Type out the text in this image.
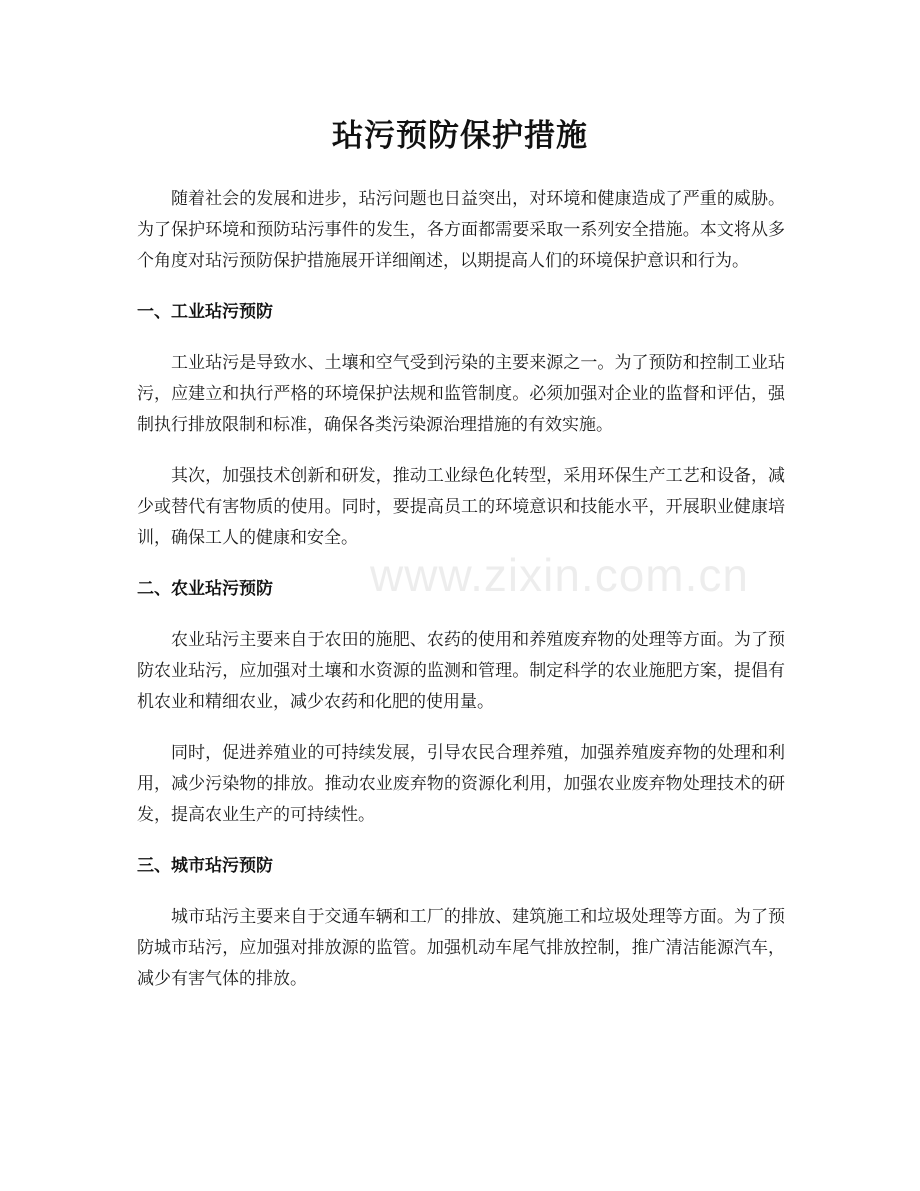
玷污预防保护措施

随着社会的发展和进步，玷污问题也日益突出，对环境和健康造成了严重的威胁。为了保护环境和预防玷污事件的发生，各方面都需要采取一系列安全措施。本文将从多个角度对玷污预防保护措施展开详细阐述，以期提高人们的环境保护意识和行为。

一、工业玷污预防

工业玷污是导致水、土壤和空气受到污染的主要来源之一。为了预防和控制工业玷污，应建立和执行严格的环境保护法规和监管制度。必须加强对企业的监督和评估，强制执行排放限制和标准，确保各类污染源治理措施的有效实施。

其次，加强技术创新和研发，推动工业绿色化转型，采用环保生产工艺和设备，减少或替代有害物质的使用。同时，要提高员工的环境意识和技能水平，开展职业健康培训，确保工人的健康和安全。

二、农业玷污预防

农业玷污主要来自于农田的施肥、农药的使用和养殖废弃物的处理等方面。为了预防农业玷污，应加强对土壤和水资源的监测和管理。制定科学的农业施肥方案，提倡有机农业和精细农业，减少农药和化肥的使用量。

同时，促进养殖业的可持续发展，引导农民合理养殖，加强养殖废弃物的处理和利用，减少污染物的排放。推动农业废弃物的资源化利用，加强农业废弃物处理技术的研发，提高农业生产的可持续性。

三、城市玷污预防

城市玷污主要来自于交通车辆和工厂的排放、建筑施工和垃圾处理等方面。为了预防城市玷污，应加强对排放源的监管。加强机动车尾气排放控制，推广清洁能源汽车，减少有害气体的排放。

www.zixin.com.cn
